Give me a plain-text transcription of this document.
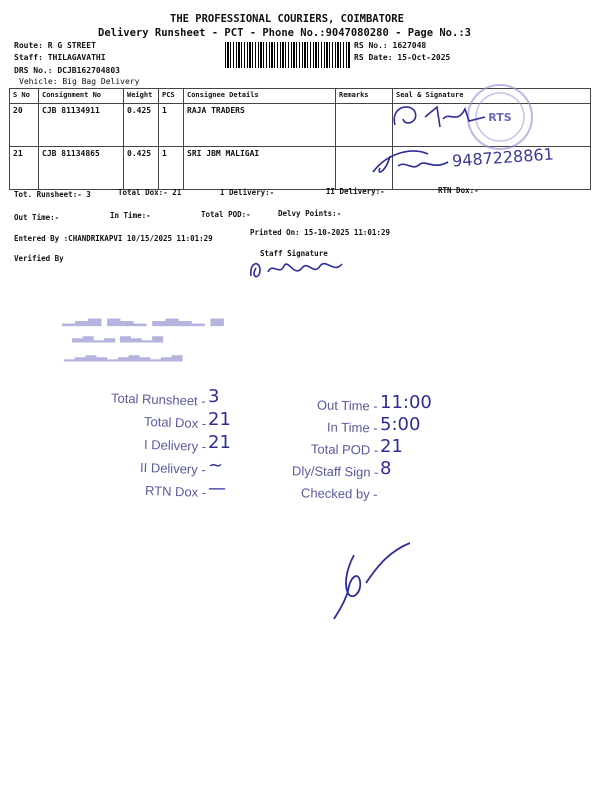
THE PROFESSIONAL COURIERS, COIMBATORE
Delivery Runsheet - PCT - Phone No.:9047080280 - Page No.:3
Route: R G STREET
Staff: THILAGAVATHI
DRS No.: DCJB162704803
Vehicle: Big Bag Delivery
RS No.: 1627048
RS Date: 15-Oct-2025
S No	Consignment No	Weight	PCS	Consignee Details	Remarks	Seal & Signature
20	CJB 81134911	0.425	1	RAJA TRADERS		
21	CJB 81134865	0.425	1	SRI JBM MALIGAI		
RTS
9487228861
Tot. Runsheet:- 3	Total Dox:- 21	I Delivery:-	II Delivery:-	RTN Dox:-
Out Time:-	In Time:-	Total POD:-	Delvy Points:-
Entered By :CHANDRIKAPVI 10/15/2025 11:01:29
Printed On: 15-10-2025 11:01:29
Verified By
Staff Signature
▁▂▃ ▃▂▁ ▂▃▂▁ ▃
▂▃▁▂ ▃▂▁▃
▁▂▃▂▁▂▃▂▁▂▃
Total Runsheet - 3
Total Dox - 21
I Delivery - 21
II Delivery - ~
RTN Dox - —
Out Time - 11:00
In Time - 5:00
Total POD - 21
Dly/Staff Sign - 8
Checked by -
